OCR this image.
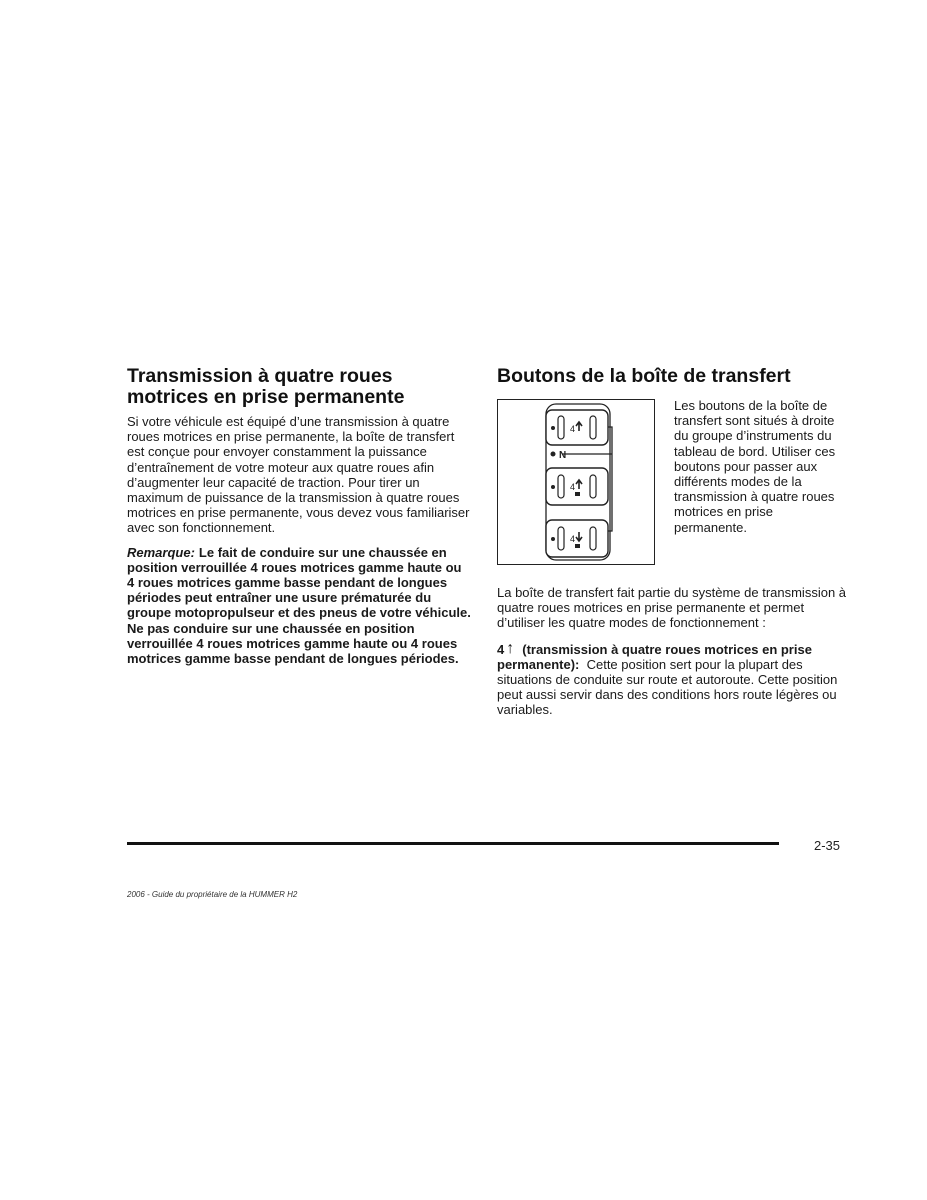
Transmission à quatre roues motrices en prise permanente

Si votre véhicule est équipé d’une transmission à quatre roues motrices en prise permanente, la boîte de transfert est conçue pour envoyer constamment la puissance d’entraînement de votre moteur aux quatre roues afin d’augmenter leur capacité de traction. Pour tirer un maximum de puissance de la transmission à quatre roues motrices en prise permanente, vous devez vous familiariser avec son fonctionnement.

Remarque: Le fait de conduire sur une chaussée en position verrouillée 4 roues motrices gamme haute ou 4 roues motrices gamme basse pendant de longues périodes peut entraîner une usure prématurée du groupe motopropulseur et des pneus de votre véhicule. Ne pas conduire sur une chaussée en position verrouillée 4 roues motrices gamme haute ou 4 roues motrices gamme basse pendant de longues périodes.

Boutons de la boîte de transfert
4
N
4
4

Les boutons de la boîte de transfert sont situés à droite du groupe d’instruments du tableau de bord. Utiliser ces boutons pour passer aux différents modes de la transmission à quatre roues motrices en prise permanente.

La boîte de transfert fait partie du système de transmission à quatre roues motrices en prise permanente et permet d’utiliser les quatre modes de fonctionnement :

4 ↑ (transmission à quatre roues motrices en prise permanente): Cette position sert pour la plupart des situations de conduite sur route et autoroute. Cette position peut aussi servir dans des conditions hors route légères ou variables.

2-35
2006 - Guide du propriétaire de la HUMMER H2
